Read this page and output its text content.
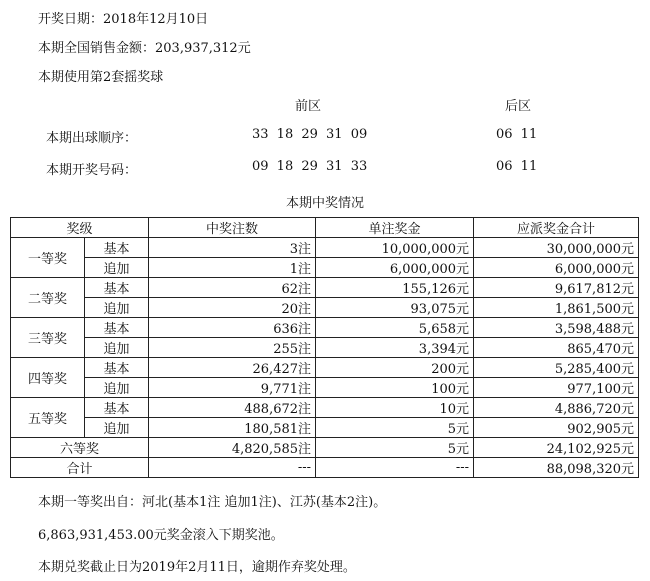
开奖日期：2018年12月10日
本期全国销售金额：203,937,312元
本期使用第2套摇奖球
前区	后区
本期出球顺序：	33 18 29 31 09	06 11
本期开奖号码：	09 18 29 31 33	06 11
本期中奖情况
奖级		中奖注数	单注奖金	应派奖金合计
一等奖	基本	3注	10,000,000元	30,000,000元
	追加	1注	6,000,000元	6,000,000元
二等奖	基本	62注	155,126元	9,617,812元
	追加	20注	93,075元	1,861,500元
三等奖	基本	636注	5,658元	3,598,488元
	追加	255注	3,394元	865,470元
四等奖	基本	26,427注	200元	5,285,400元
	追加	9,771注	100元	977,100元
五等奖	基本	488,672注	10元	4,886,720元
	追加	180,581注	5元	902,905元
六等奖		4,820,585注	5元	24,102,925元
合计		---	---	88,098,320元
本期一等奖出自：河北(基本1注 追加1注)、江苏(基本2注)。
6,863,931,453.00元奖金滚入下期奖池。
本期兑奖截止日为2019年2月11日，逾期作弃奖处理。
